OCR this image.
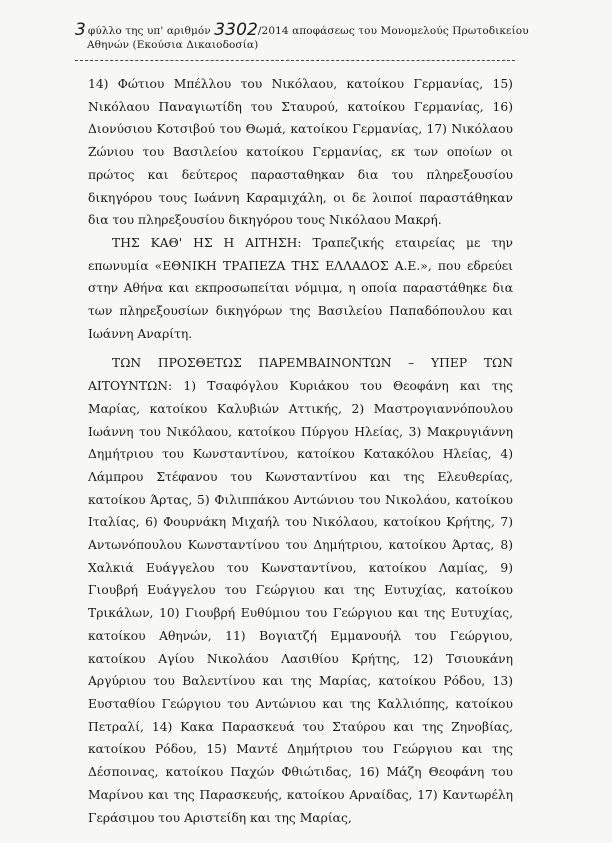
3 φύλλο της υπ' αριθμόν 3302/2014 αποφάσεως του Μονομελούς Πρωτοδικείου
Αθηνών (Εκούσια Δικαιοδοσία)

14) Φώτιου Μπέλλου του Νικόλαου, κατοίκου Γερμανίας, 15) Νικόλαου Παναγιωτίδη του Σταυρού, κατοίκου Γερμανίας, 16) Διονύσιου Κοτσιβού του Θωμά, κατοίκου Γερμανίας, 17) Νικόλαου Ζώνιου του Βασιλείου κατοίκου Γερμανίας, εκ των οποίων οι πρώτος και δεύτερος παρασταθηκαν δια του πληρεξουσίου δικηγόρου τους Ιωάννη Καραμιχάλη, οι δε λοιποί παραστάθηκαν δια του πληρεξουσίου δικηγόρου τους Νικόλαου Μακρή.

ΤΗΣ ΚΑΘ' ΗΣ Η ΑΙΤΗΣΗ: Τραπεζικής εταιρείας με την επωνυμία «ΕΘΝΙΚΗ ΤΡΑΠΕΖΑ ΤΗΣ ΕΛΛΑΔΟΣ Α.Ε.», που εδρεύει στην Αθήνα και εκπροσωπείται νόμιμα, η οποία παραστάθηκε δια των πληρεξουσίων δικηγόρων της Βασιλείου Παπαδόπουλου και Ιωάννη Αναρίτη.

ΤΩΝ ΠΡΟΣΘΕΤΩΣ ΠΑΡΕΜΒΑΙΝΟΝΤΩΝ – ΥΠΕΡ ΤΩΝ ΑΙΤΟΥΝΤΩΝ: 1) Τσαφόγλου Κυριάκου του Θεοφάνη και της Μαρίας, κατοίκου Καλυβιών Αττικής, 2) Μαστρογιαννόπουλου Ιωάννη του Νικόλαου, κατοίκου Πύργου Ηλείας, 3) Μακρυγιάννη Δημήτριου του Κωνσταντίνου, κατοίκου Κατακόλου Ηλείας, 4) Λάμπρου Στέφανου του Κωνσταντίνου και της Ελευθερίας, κατοίκου Άρτας, 5) Φιλιππάκου Αντώνιου του Νικολάου, κατοίκου Ιταλίας, 6) Φουρνάκη Μιχαήλ του Νικόλαου, κατοίκου Κρήτης, 7) Αντωνόπουλου Κωνσταντίνου του Δημήτριου, κατοίκου Άρτας, 8) Χαλκιά Ευάγγελου του Κωνσταντίνου, κατοίκου Λαμίας, 9) Γιουβρή Ευάγγελου του Γεώργιου και της Ευτυχίας, κατοίκου Τρικάλων, 10) Γιουβρή Ευθύμιου του Γεώργιου και της Ευτυχίας, κατοίκου Αθηνών, 11) Βογιατζή Εμμανουήλ του Γεώργιου, κατοίκου Αγίου Νικολάου Λασιθίου Κρήτης, 12) Τσιουκάνη Αργύριου του Βαλεντίνου και της Μαρίας, κατοίκου Ρόδου, 13) Ευσταθίου Γεώργιου του Αντώνιου και της Καλλιόπης, κατοίκου Πετραλί, 14) Κακα Παρασκευά του Σταύρου και της Ζηνοβίας, κατοίκου Ρόδου, 15) Μαντέ Δημήτριου του Γεώργιου και της Δέσποινας, κατοίκου Παχών Φθιώτιδας, 16) Μάζη Θεοφάνη του Μαρίνου και της Παρασκευής, κατοίκου Αρναίδας, 17) Καντωρέλη Γεράσιμου του Αριστείδη και της Μαρίας,
